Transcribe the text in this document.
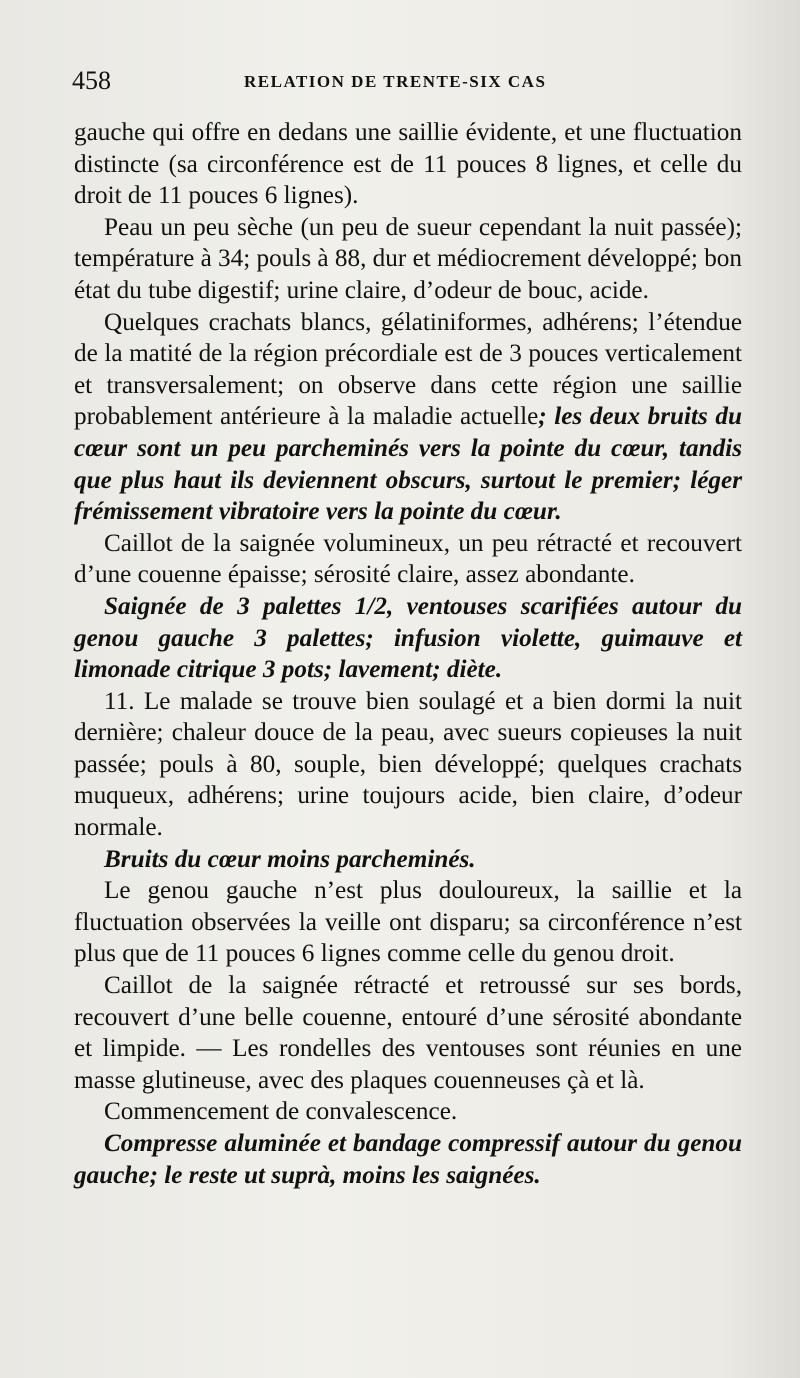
458	RELATION DE TRENTE-SIX CAS

gauche qui offre en dedans une saillie évidente, et une fluctuation distincte (sa circonférence est de 11 pouces 8 lignes, et celle du droit de 11 pouces 6 lignes).

Peau un peu sèche (un peu de sueur cependant la nuit passée); température à 34; pouls à 88, dur et médiocrement développé; bon état du tube digestif; urine claire, d’odeur de bouc, acide.

Quelques crachats blancs, gélatiniformes, adhérens; l’étendue de la matité de la région précordiale est de 3 pouces verticalement et transversalement; on observe dans cette région une saillie probablement antérieure à la maladie actuelle; les deux bruits du cœur sont un peu parcheminés vers la pointe du cœur, tandis que plus haut ils deviennent obscurs, surtout le premier; léger frémissement vibratoire vers la pointe du cœur.

Caillot de la saignée volumineux, un peu rétracté et recouvert d’une couenne épaisse; sérosité claire, assez abondante.

Saignée de 3 palettes 1/2, ventouses scarifiées autour du genou gauche 3 palettes; infusion violette, guimauve et limonade citrique 3 pots; lavement; diète.

11. Le malade se trouve bien soulagé et a bien dormi la nuit dernière; chaleur douce de la peau, avec sueurs copieuses la nuit passée; pouls à 80, souple, bien développé; quelques crachats muqueux, adhérens; urine toujours acide, bien claire, d’odeur normale.

Bruits du cœur moins parcheminés.

Le genou gauche n’est plus douloureux, la saillie et la fluctuation observées la veille ont disparu; sa circonférence n’est plus que de 11 pouces 6 lignes comme celle du genou droit.

Caillot de la saignée rétracté et retroussé sur ses bords, recouvert d’une belle couenne, entouré d’une sérosité abondante et limpide. — Les rondelles des ventouses sont réunies en une masse glutineuse, avec des plaques couenneuses çà et là.

Commencement de convalescence.

Compresse aluminée et bandage compressif autour du genou gauche; le reste ut suprà, moins les saignées.
